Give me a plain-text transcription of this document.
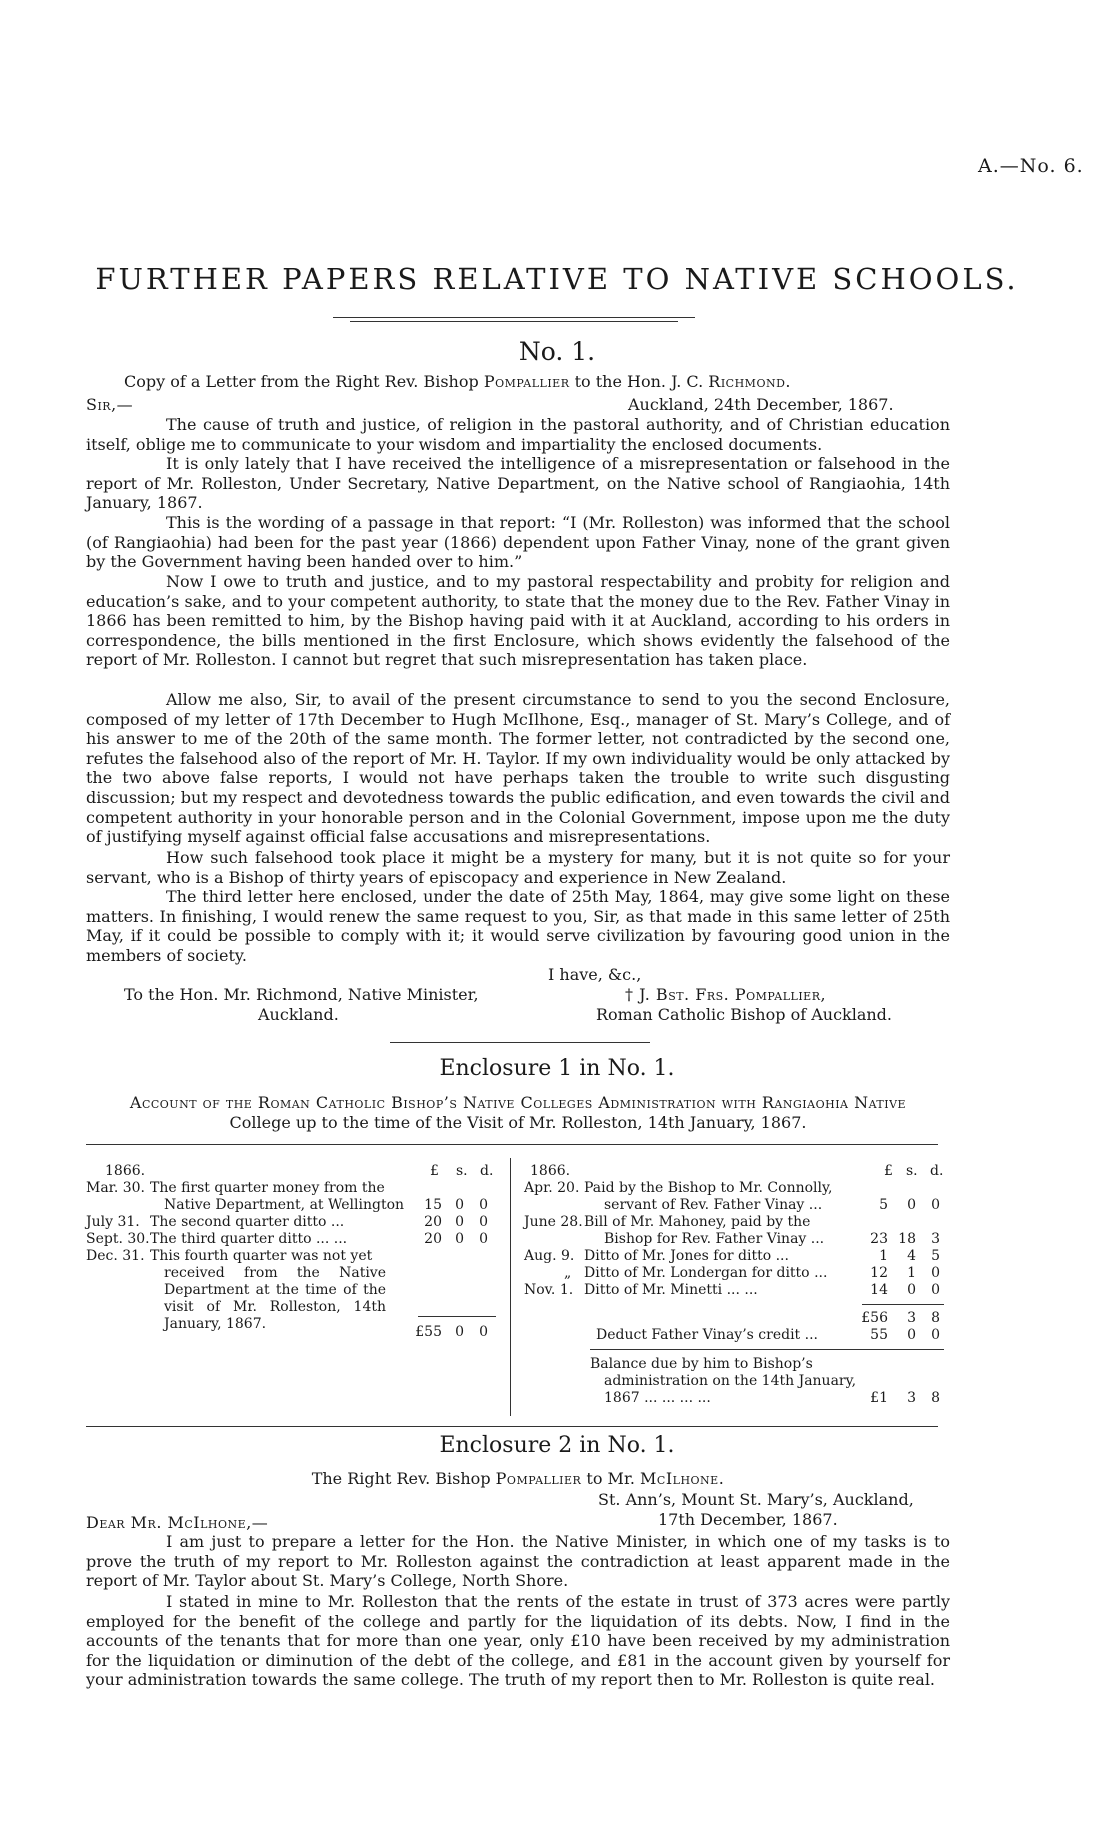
A.—No. 6.
FURTHER PAPERS RELATIVE TO NATIVE SCHOOLS.
No. 1.
Copy of a Letter from the Right Rev. Bishop Pompallier to the Hon. J. C. Richmond.
Sir,—	Auckland, 24th December, 1867.

The cause of truth and justice, of religion in the pastoral authority, and of Christian education itself, oblige me to communicate to your wisdom and impartiality the enclosed documents.

It is only lately that I have received the intelligence of a misrepresentation or falsehood in the report of Mr. Rolleston, Under Secretary, Native Department, on the Native school of Rangiaohia, 14th January, 1867.

This is the wording of a passage in that report: “I (Mr. Rolleston) was informed that the school (of Rangiaohia) had been for the past year (1866) dependent upon Father Vinay, none of the grant given by the Government having been handed over to him.”

Now I owe to truth and justice, and to my pastoral respectability and probity for religion and education’s sake, and to your competent authority, to state that the money due to the Rev. Father Vinay in 1866 has been remitted to him, by the Bishop having paid with it at Auckland, according to his orders in correspondence, the bills mentioned in the first Enclosure, which shows evidently the falsehood of the report of Mr. Rolleston. I cannot but regret that such misrepresentation has taken place.

Allow me also, Sir, to avail of the present circumstance to send to you the second Enclosure, composed of my letter of 17th December to Hugh McIlhone, Esq., manager of St. Mary’s College, and of his answer to me of the 20th of the same month. The former letter, not contradicted by the second one, refutes the falsehood also of the report of Mr. H. Taylor. If my own individuality would be only attacked by the two above false reports, I would not have perhaps taken the trouble to write such disgusting discussion; but my respect and devotedness towards the public edification, and even towards the civil and competent authority in your honorable person and in the Colonial Government, impose upon me the duty of justifying myself against official false accusations and misrepresentations.

How such falsehood took place it might be a mystery for many, but it is not quite so for your servant, who is a Bishop of thirty years of episcopacy and experience in New Zealand.

The third letter here enclosed, under the date of 25th May, 1864, may give some light on these matters. In finishing, I would renew the same request to you, Sir, as that made in this same letter of 25th May, if it could be possible to comply with it; it would serve civilization by favouring good union in the members of society.

I have, &c.,
To the Hon. Mr. Richmond, Native Minister,
Auckland.
† J. Bst. Frs. Pompallier,
Roman Catholic Bishop of Auckland.
Enclosure 1 in No. 1.
Account of the Roman Catholic Bishop’s Native Colleges Administration with Rangiaohia Native
College up to the time of the Visit of Mr. Rolleston, 14th January, 1867.
1866.	£ s. d.
Mar. 30. The first quarter money from the
Native Department, at Wellington 15 0	0
July 31. The second quarter ditto ...	20 0	0
Sept. 30. The third quarter ditto ... ...	20 0	0
Dec. 31. This fourth quarter was not yet
received from the Native Department at the time of the visit of Mr. Rolleston, 14th January, 1867.	£55 0	0
1866.	£ s. d.
Apr. 20. Paid by the Bishop to Mr. Connolly,
servant of Rev. Father Vinay ...	5	0	0
June 28. Bill of Mr. Mahoney, paid by the
Bishop for Rev. Father Vinay ...	23 18	3
Aug. 9. Ditto of Mr. Jones for ditto ...	1	4	5
„ Ditto of Mr. Londergan for ditto ...	12	1	0
Nov. 1. Ditto of Mr. Minetti ... ...	14	0	0
£56	3	8
Deduct Father Vinay’s credit ...	55	0	0
Balance due by him to Bishop’s
administration on the 14th January,
1867 ... ... ... ...	£1	3	8
Enclosure 2 in No. 1.
The Right Rev. Bishop Pompallier to Mr. McIlhone.
St. Ann’s, Mount St. Mary’s, Auckland,
17th December, 1867.
Dear Mr. McIlhone,—

I am just to prepare a letter for the Hon. the Native Minister, in which one of my tasks is to prove the truth of my report to Mr. Rolleston against the contradiction at least apparent made in the report of Mr. Taylor about St. Mary’s College, North Shore.

I stated in mine to Mr. Rolleston that the rents of the estate in trust of 373 acres were partly employed for the benefit of the college and partly for the liquidation of its debts. Now, I find in the accounts of the tenants that for more than one year, only £10 have been received by my administration for the liquidation or diminution of the debt of the college, and £81 in the account given by yourself for your administration towards the same college. The truth of my report then to Mr. Rolleston is quite real.
